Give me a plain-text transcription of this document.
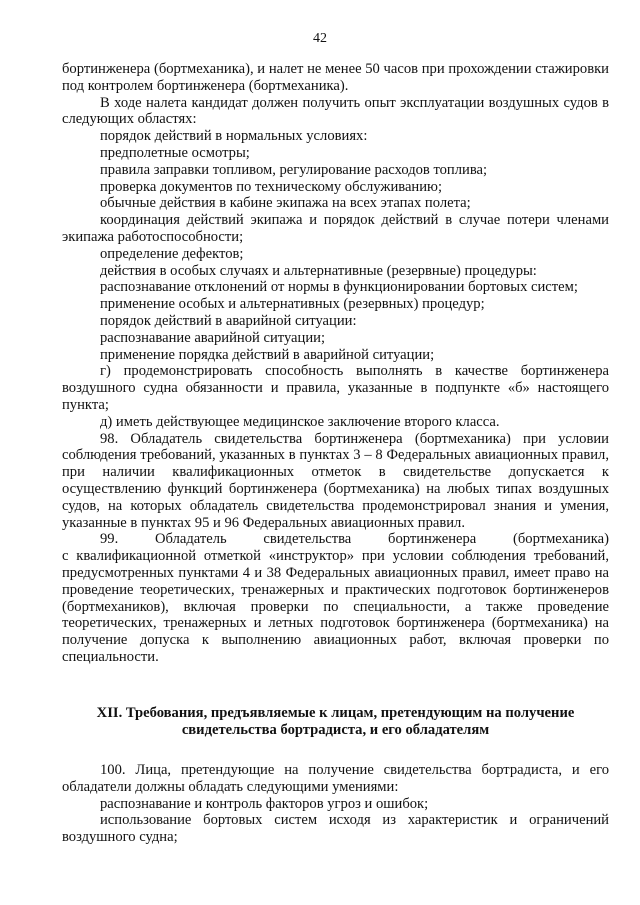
42

бортинженера (бортмеханика), и налет не менее 50 часов при прохождении стажировки под контролем бортинженера (бортмеханика).

В ходе налета кандидат должен получить опыт эксплуатации воздушных судов в следующих областях:

порядок действий в нормальных условиях:

предполетные осмотры;

правила заправки топливом, регулирование расходов топлива;

проверка документов по техническому обслуживанию;

обычные действия в кабине экипажа на всех этапах полета;

координация действий экипажа и порядок действий в случае потери членами экипажа работоспособности;

определение дефектов;

действия в особых случаях и альтернативные (резервные) процедуры:

распознавание отклонений от нормы в функционировании бортовых систем;

применение особых и альтернативных (резервных) процедур;

порядок действий в аварийной ситуации:

распознавание аварийной ситуации;

применение порядка действий в аварийной ситуации;

г) продемонстрировать способность выполнять в качестве бортинженера воздушного судна обязанности и правила, указанные в подпункте «б» настоящего пункта;

д) иметь действующее медицинское заключение второго класса.

98. Обладатель свидетельства бортинженера (бортмеханика) при условии соблюдения требований, указанных в пунктах 3 – 8 Федеральных авиационных правил, при наличии квалификационных отметок в свидетельстве допускается к осуществлению функций бортинженера (бортмеханика) на любых типах воздушных судов, на которых обладатель свидетельства продемонстрировал знания и умения, указанные в пунктах 95 и 96 Федеральных авиационных правил.

99. Обладатель свидетельства бортинженера (бортмеханика)

с квалификационной отметкой «инструктор» при условии соблюдения требований, предусмотренных пунктами 4 и 38 Федеральных авиационных правил, имеет право на проведение теоретических, тренажерных и практических подготовок бортинженеров (бортмехаников), включая проверки по специальности, а также проведение теоретических, тренажерных и летных подготовок бортинженера (бортмеханика) на получение допуска к выполнению авиационных работ, включая проверки по специальности.

XII. Требования, предъявляемые к лицам, претендующим на получение свидетельства бортрадиста, и его обладателям

100. Лица, претендующие на получение свидетельства бортрадиста, и его обладатели должны обладать следующими умениями:

распознавание и контроль факторов угроз и ошибок;

использование бортовых систем исходя из характеристик и ограничений воздушного судна;
